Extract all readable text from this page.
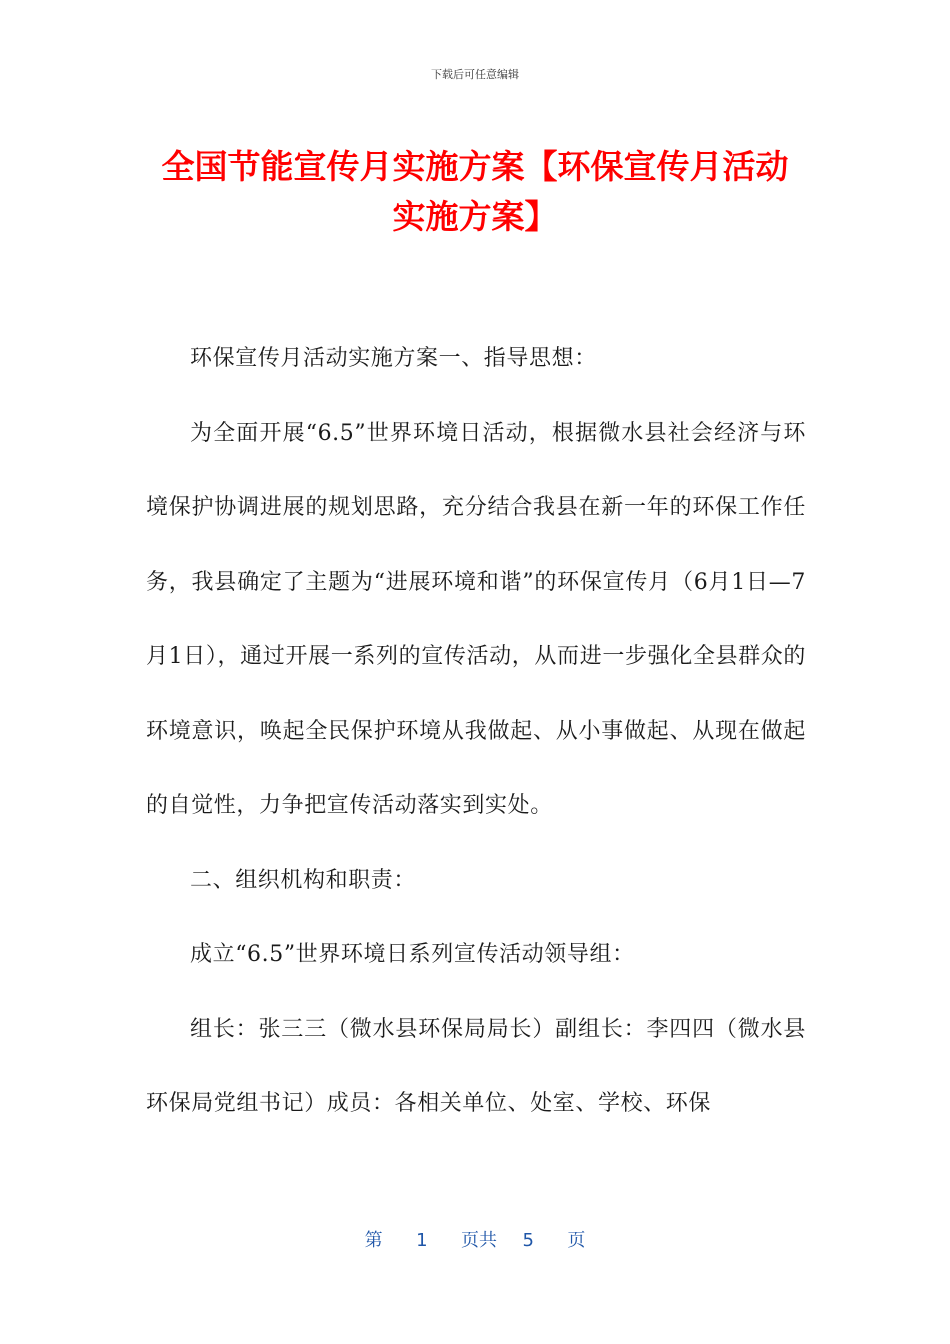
下载后可任意编辑
全国节能宣传月实施方案【环保宣传月活动
实施方案】

环保宣传月活动实施方案一、指导思想：

为全面开展“6.5”世界环境日活动，根据微水县社会经济与环境保护协调进展的规划思路，充分结合我县在新一年的环保工作任务，我县确定了主题为“进展环境和谐”的环保宣传月（6月1日—7月1日），通过开展一系列的宣传活动，从而进一步强化全县群众的环境意识，唤起全民保护环境从我做起、从小事做起、从现在做起的自觉性，力争把宣传活动落实到实处。

二、组织机构和职责：

成立“6.5”世界环境日系列宣传活动领导组：

组长：张三三（微水县环保局局长）副组长：李四四（微水县环保局党组书记）成员：各相关单位、处室、学校、环保

第 1 页共 5 页
